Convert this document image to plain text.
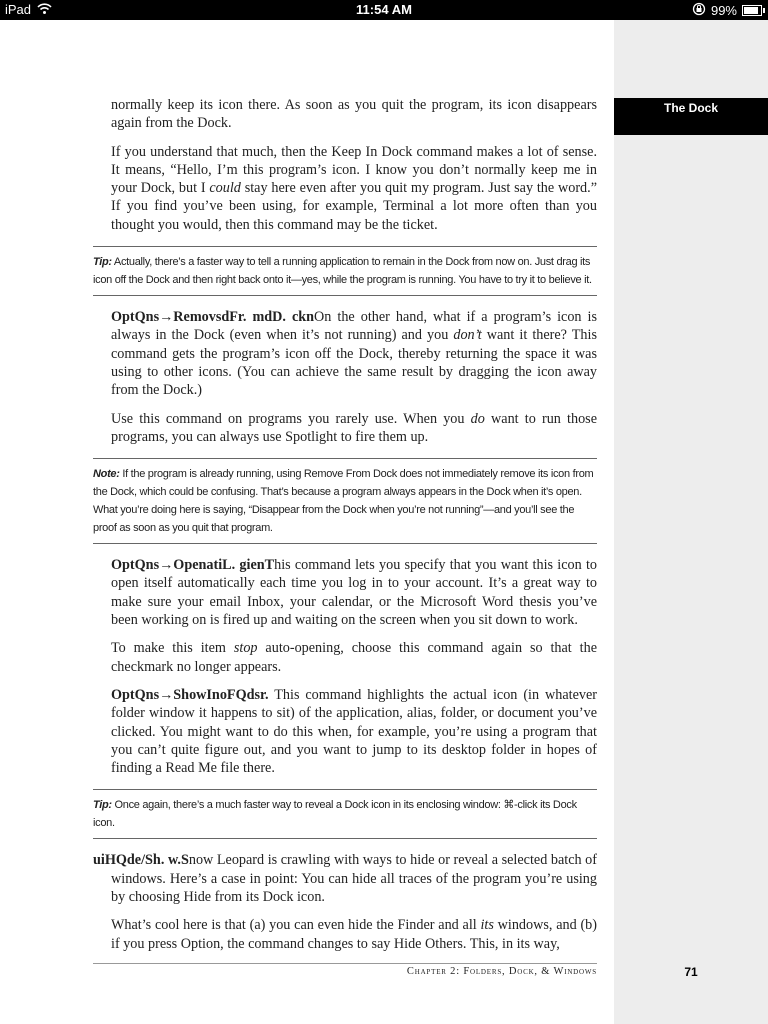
iPad	11:54 AM	99%
The Dock

normally keep its icon there. As soon as you quit the program, its icon disappears again from the Dock.

If you understand that much, then the Keep In Dock command makes a lot of sense. It means, “Hello, I’m this program’s icon. I know you don’t normally keep me in your Dock, but I could stay here even after you quit my program. Just say the word.” If you find you’ve been using, for example, Terminal a lot more often than you thought you would, then this command may be the ticket.

Tip: Actually, there’s a faster way to tell a running application to remain in the Dock from now on. Just drag its icon off the Dock and then right back onto it—yes, while the program is running. You have to try it to believe it.

OptQns→RemovsdFr. mdD. cknOn the other hand, what if a program’s icon is always in the Dock (even when it’s not running) and you don’t want it there? This command gets the program’s icon off the Dock, thereby returning the space it was using to other icons. (You can achieve the same result by dragging the icon away from the Dock.)

Use this command on programs you rarely use. When you do want to run those programs, you can always use Spotlight to fire them up.

Note: If the program is already running, using Remove From Dock does not immediately remove its icon from the Dock, which could be confusing. That’s because a program always appears in the Dock when it’s open. What you’re doing here is saying, “Disappear from the Dock when you’re not running”—and you’ll see the proof as soon as you quit that program.

OptQns→OpenatiL. gienThis command lets you specify that you want this icon to open itself automatically each time you log in to your account. It’s a great way to make sure your email Inbox, your calendar, or the Microsoft Word thesis you’ve been working on is fired up and waiting on the screen when you sit down to work.

To make this item stop auto-opening, choose this command again so that the checkmark no longer appears.

OptQns→ShowInoFQdsr. This command highlights the actual icon (in whatever folder window it happens to sit) of the application, alias, folder, or document you’ve clicked. You might want to do this when, for example, you’re using a program that you can’t quite figure out, and you want to jump to its desktop folder in hopes of finding a Read Me file there.

Tip: Once again, there’s a much faster way to reveal a Dock icon in its enclosing window: ⌘-click its Dock icon.

uiHQde/Sh. w.Snow Leopard is crawling with ways to hide or reveal a selected batch of windows. Here’s a case in point: You can hide all traces of the program you’re using by choosing Hide from its Dock icon.

What’s cool here is that (a) you can even hide the Finder and all its windows, and (b) if you press Option, the command changes to say Hide Others. This, in its way,

Chapter 2: Folders, Dock, & Windows	71
